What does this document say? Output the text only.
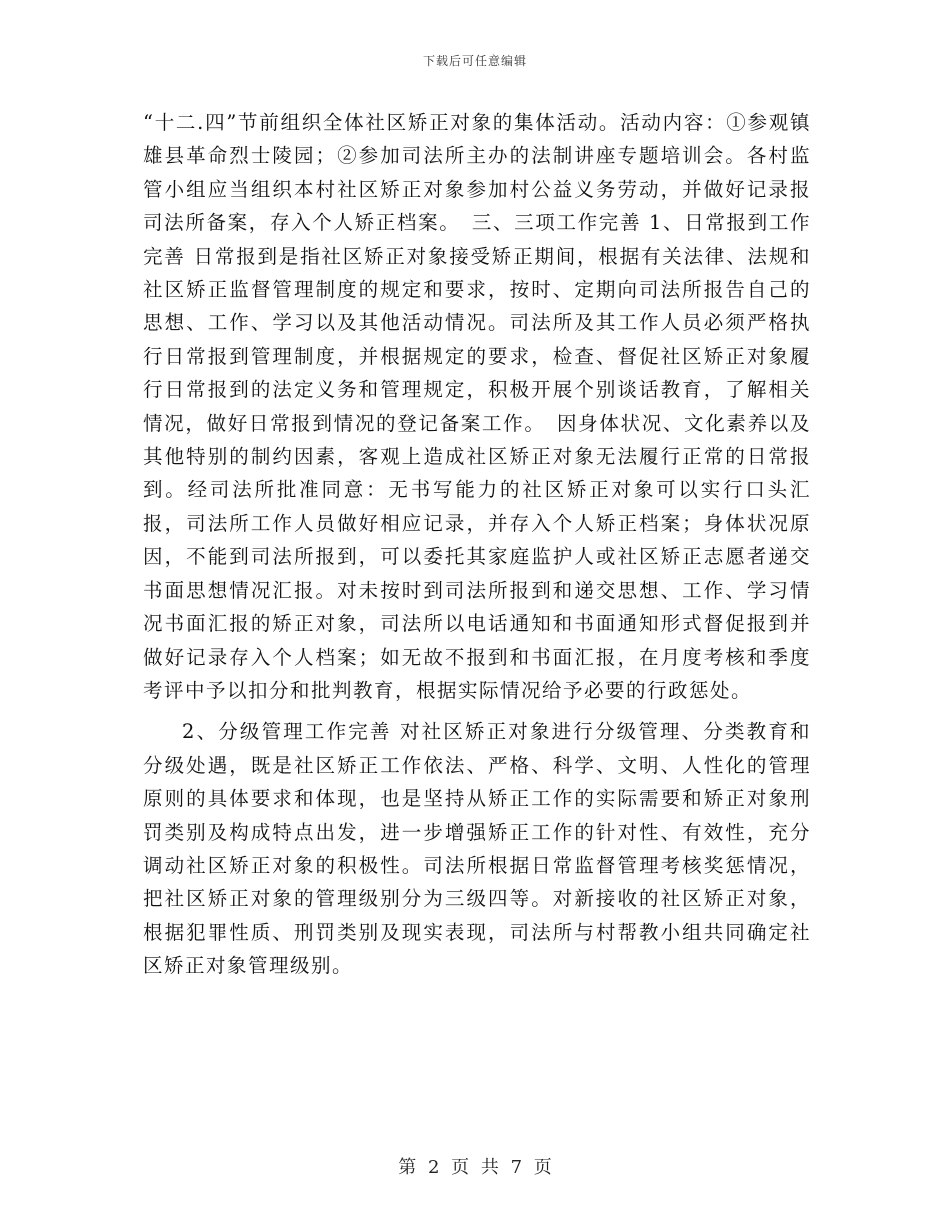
下载后可任意编辑

“十二.四”节前组织全体社区矫正对象的集体活动。活动内容：①参观镇雄县革命烈士陵园；②参加司法所主办的法制讲座专题培训会。各村监管小组应当组织本村社区矫正对象参加村公益义务劳动，并做好记录报司法所备案，存入个人矫正档案。　三、三项工作完善 1、日常报到工作完善 日常报到是指社区矫正对象接受矫正期间，根据有关法律、法规和社区矫正监督管理制度的规定和要求，按时、定期向司法所报告自己的思想、工作、学习以及其他活动情况。司法所及其工作人员必须严格执行日常报到管理制度，并根据规定的要求，检查、督促社区矫正对象履行日常报到的法定义务和管理规定，积极开展个别谈话教育，了解相关情况，做好日常报到情况的登记备案工作。　因身体状况、文化素养以及其他特别的制约因素，客观上造成社区矫正对象无法履行正常的日常报到。经司法所批准同意：无书写能力的社区矫正对象可以实行口头汇报，司法所工作人员做好相应记录，并存入个人矫正档案；身体状况原因，不能到司法所报到，可以委托其家庭监护人或社区矫正志愿者递交书面思想情况汇报。对未按时到司法所报到和递交思想、工作、学习情况书面汇报的矫正对象，司法所以电话通知和书面通知形式督促报到并做好记录存入个人档案；如无故不报到和书面汇报，在月度考核和季度考评中予以扣分和批判教育，根据实际情况给予必要的行政惩处。

2、分级管理工作完善 对社区矫正对象进行分级管理、分类教育和分级处遇，既是社区矫正工作依法、严格、科学、文明、人性化的管理原则的具体要求和体现，也是坚持从矫正工作的实际需要和矫正对象刑罚类别及构成特点出发，进一步增强矫正工作的针对性、有效性，充分调动社区矫正对象的积极性。司法所根据日常监督管理考核奖惩情况，把社区矫正对象的管理级别分为三级四等。对新接收的社区矫正对象，根据犯罪性质、刑罚类别及现实表现，司法所与村帮教小组共同确定社区矫正对象管理级别。

第 2 页 共 7 页
